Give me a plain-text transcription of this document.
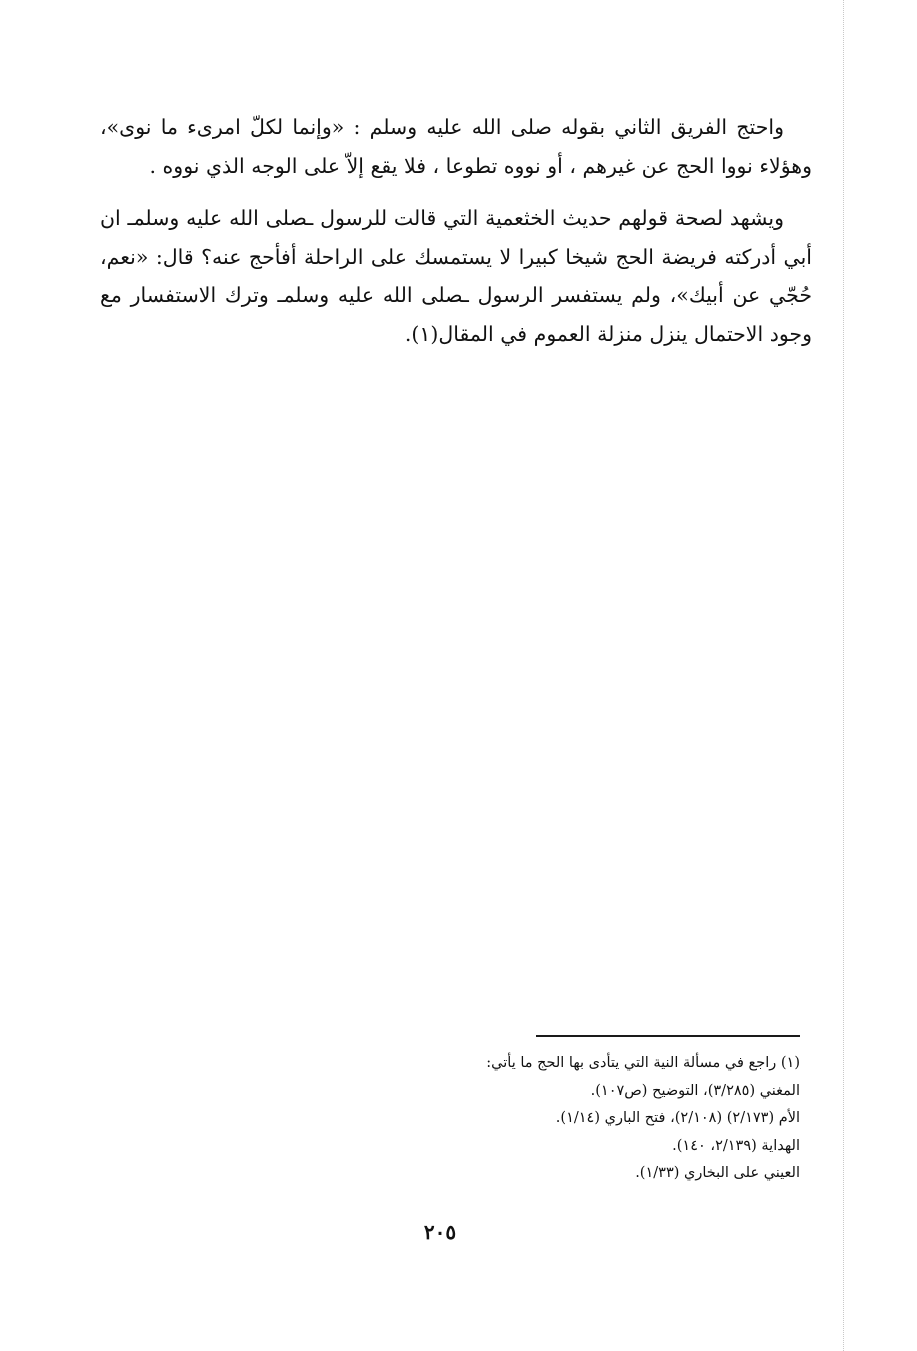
واحتج الفريق الثاني بقوله صلى الله عليه وسلم : «وإنما لكلّ امرىء ما نوى»، وهؤلاء نووا الحج عن غيرهم ، أو نووه تطوعا ، فلا يقع إلاّ على الوجه الذي نووه .

ويشهد لصحة قولهم حديث الخثعمية التي قالت للرسول ـصلى الله عليه وسلمـ ان أبي أدركته فريضة الحج شيخا كبيرا لا يستمسك على الراحلة أفأحج عنه؟ قال: «نعم، حُجّي عن أبيك»، ولم يستفسر الرسول ـصلى الله عليه وسلمـ وترك الاستفسار مع وجود الاحتمال ينزل منزلة العموم في المقال(١).

(١) راجع في مسألة النية التي يتأدى بها الحج ما يأتي:

المغني (٣/٢٨٥)، التوضيح (ص١٠٧).

الأم (٢/١٧٣) (٢/١٠٨)، فتح الباري (١/١٤).

الهداية (٢/١٣٩، ١٤٠).

العيني على البخاري (١/٣٣).

٢٠٥
